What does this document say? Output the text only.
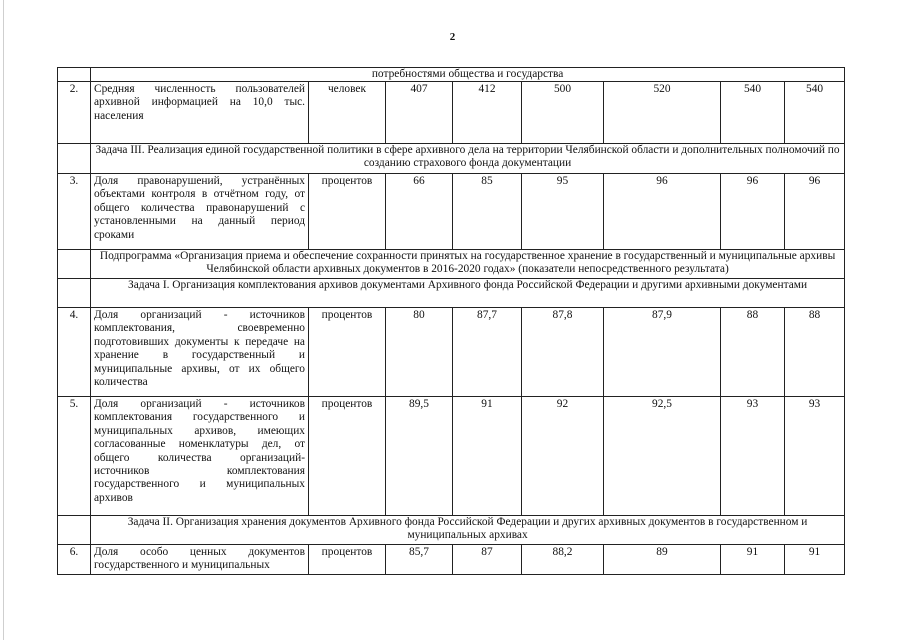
2
	потребностями общества и государства							
2.	Средняя численность пользователей архивной информацией на 10,0 тыс. населения	человек	407	412	500	520	540	540
	Задача III. Реализация единой государственной политики в сфере архивного дела на территории Челябинской области и дополнительных полномочий по созданию страхового фонда документации							
3.	Доля правонарушений, устранённых объектами контроля в отчётном году, от общего количества правонарушений с установленными на данный период сроками	процентов	66	85	95	96	96	96
	Подпрограмма «Организация приема и обеспечение сохранности принятых на государственное хранение в государственный и муниципальные архивы Челябинской области архивных документов в 2016-2020 годах» (показатели непосредственного результата)							
	Задача I. Организация комплектования архивов документами Архивного фонда Российской Федерации и другими архивными документами							
4.	Доля организаций - источников комплектования, своевременно подготовивших документы к передаче на хранение в государственный и муниципальные архивы, от их общего количества	процентов	80	87,7	87,8	87,9	88	88
5.	Доля организаций - источников комплектования государственного и муниципальных архивов, имеющих согласованные номенклатуры дел, от общего количества организаций-источников комплектования государственного и муниципальных архивов	процентов	89,5	91	92	92,5	93	93
	Задача II. Организация хранения документов Архивного фонда Российской Федерации и других архивных документов в государственном и муниципальных архивах							
6.	Доля особо ценных документов государственного и муниципальных	процентов	85,7	87	88,2	89	91	91
